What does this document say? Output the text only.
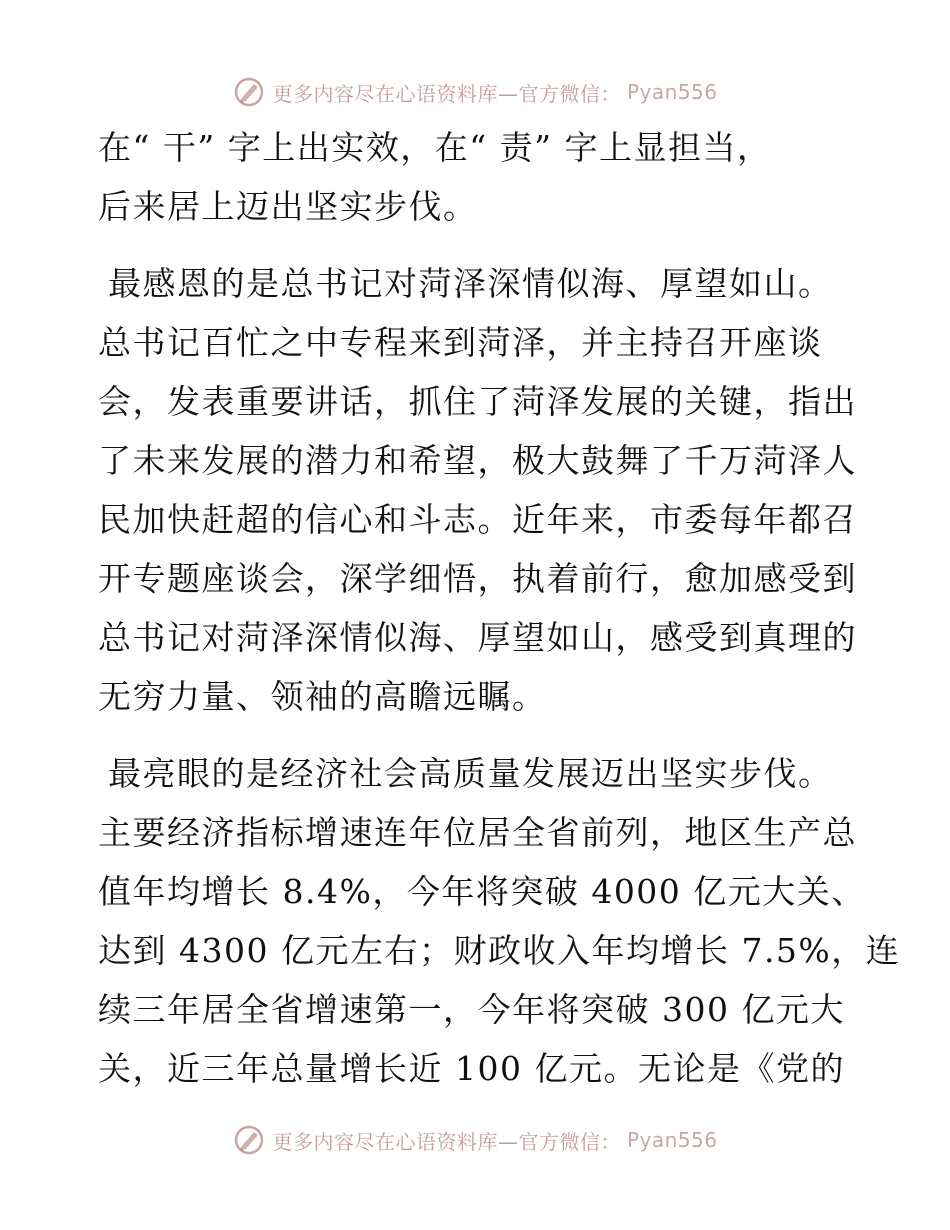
更多内容尽在心语资料库—官方微信： Pyan556

在“ 干” 字上出实效，在“ 责” 字上显担当，
后来居上迈出坚实步伐。

最感恩的是总书记对菏泽深情似海、厚望如山。
总书记百忙之中专程来到菏泽，并主持召开座谈
会，发表重要讲话，抓住了菏泽发展的关键，指出
了未来发展的潜力和希望，极大鼓舞了千万菏泽人
民加快赶超的信心和斗志。近年来，市委每年都召
开专题座谈会，深学细悟，执着前行，愈加感受到
总书记对菏泽深情似海、厚望如山，感受到真理的
无穷力量、领袖的高瞻远瞩。

最亮眼的是经济社会高质量发展迈出坚实步伐。
主要经济指标增速连年位居全省前列，地区生产总
值年均增长 8.4%，今年将突破 4000 亿元大关、
达到 4300 亿元左右；财政收入年均增长 7.5%，连
续三年居全省增速第一，今年将突破 300 亿元大
关，近三年总量增长近 100 亿元。无论是《党的

更多内容尽在心语资料库—官方微信： Pyan556
